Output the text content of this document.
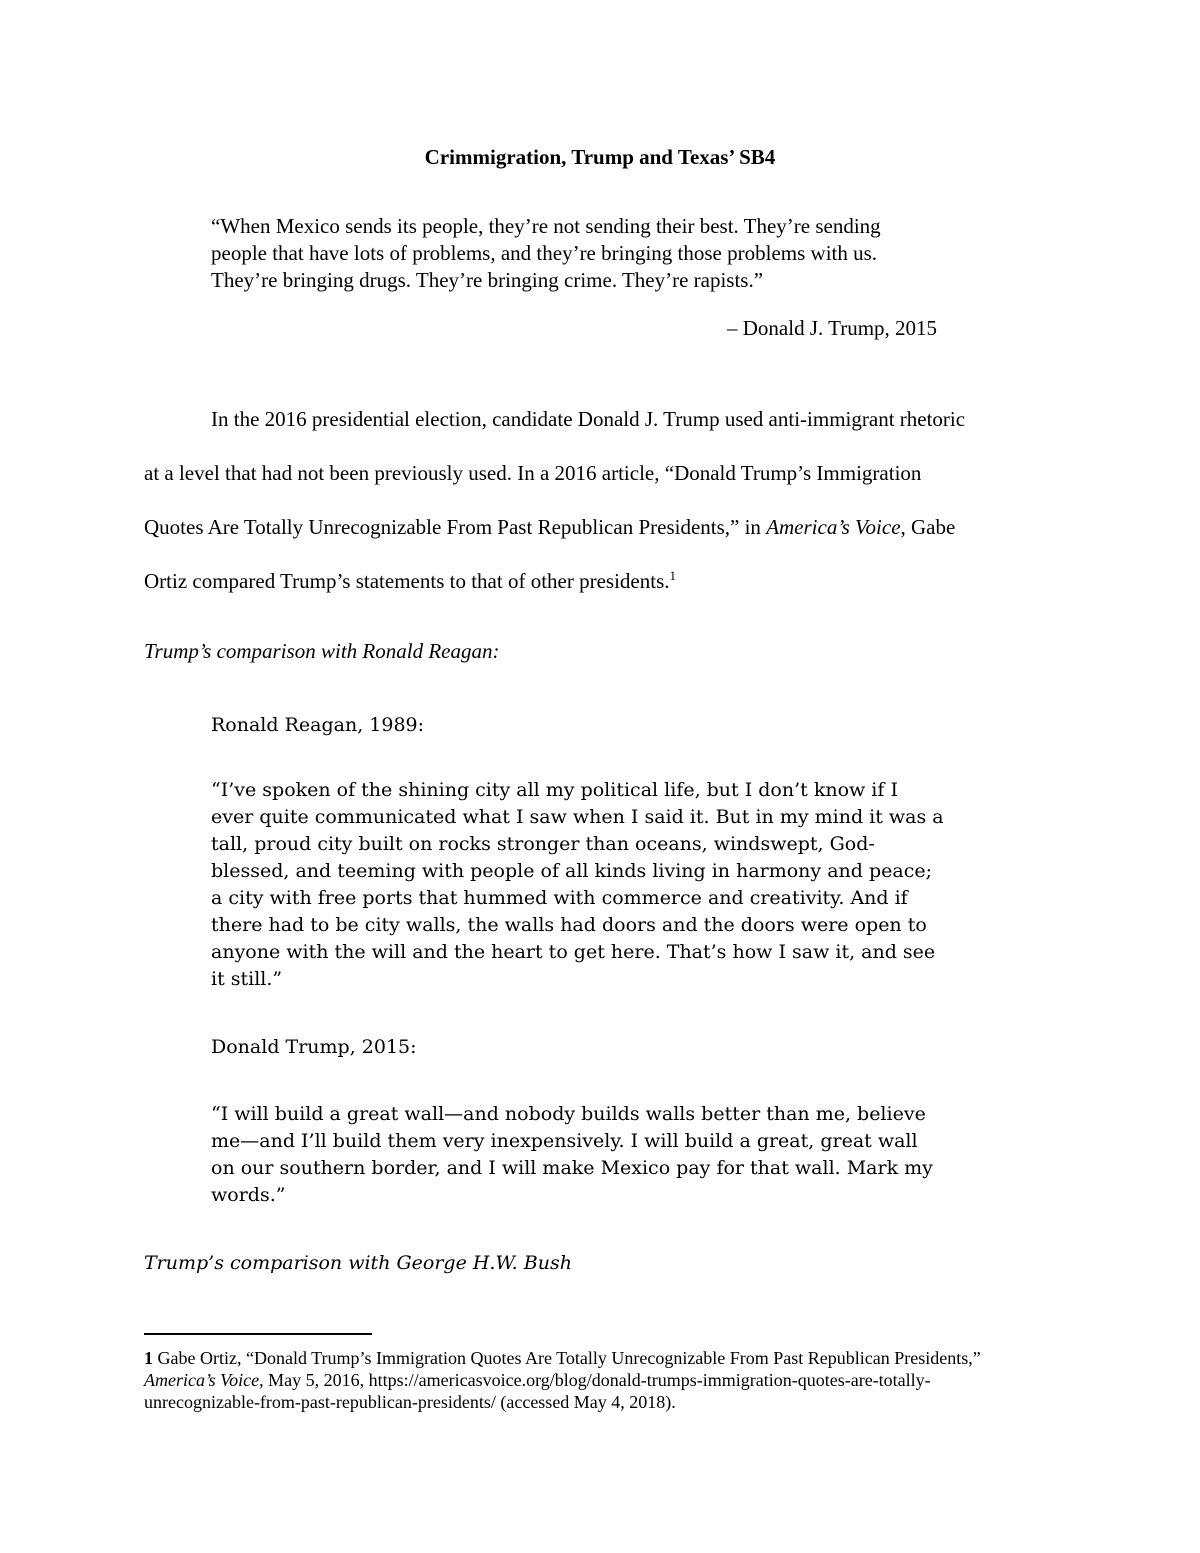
Crimmigration, Trump and Texas’ SB4
“When Mexico sends its people, they’re not sending their best. They’re sending
people that have lots of problems, and they’re bringing those problems with us.
They’re bringing drugs. They’re bringing crime. They’re rapists.”
– Donald J. Trump, 2015
In the 2016 presidential election, candidate Donald J. Trump used anti-immigrant rhetoric
at a level that had not been previously used. In a 2016 article, “Donald Trump’s Immigration
Quotes Are Totally Unrecognizable From Past Republican Presidents,” in America’s Voice, Gabe
Ortiz compared Trump’s statements to that of other presidents.$^1$
Trump’s comparison with Ronald Reagan:
Ronald Reagan, 1989:
“I’ve spoken of the shining city all my political life, but I don’t know if I
ever quite communicated what I saw when I said it. But in my mind it was a
tall, proud city built on rocks stronger than oceans, windswept, God-
blessed, and teeming with people of all kinds living in harmony and peace;
a city with free ports that hummed with commerce and creativity. And if
there had to be city walls, the walls had doors and the doors were open to
anyone with the will and the heart to get here. That’s how I saw it, and see
it still.”
Donald Trump, 2015:
“I will build a great wall—and nobody builds walls better than me, believe
me—and I’ll build them very inexpensively. I will build a great, great wall
on our southern border, and I will make Mexico pay for that wall. Mark my
words.”
Trump’s comparison with George H.W. Bush
1 Gabe Ortiz, “Donald Trump’s Immigration Quotes Are Totally Unrecognizable From Past Republican Presidents,”
America’s Voice, May 5, 2016, https://americasvoice.org/blog/donald-trumps-immigration-quotes-are-totally-
unrecognizable-from-past-republican-presidents/ (accessed May 4, 2018).
